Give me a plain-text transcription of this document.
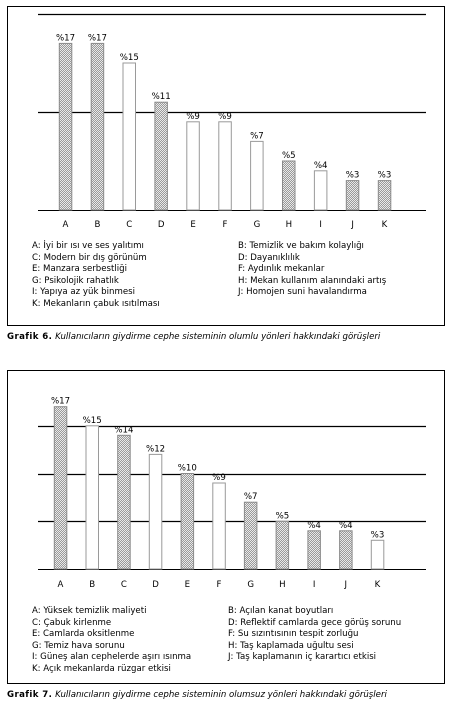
%17
A
%17
B
%15
C
%11
D
%9
E
%9
F
%7
G
%5
H
%4
I
%3
J
%3
K
A: İyi bir ısı ve ses yalıtımı	B: Temizlik ve bakım kolaylığı
C: Modern bir dış görünüm	D: Dayanıklılık
E: Manzara serbestliği	F: Aydınlık mekanlar
G: Psikolojik rahatlık	H: Mekan kullanım alanındaki artış
I: Yapıya az yük binmesi	J: Homojen suni havalandırma
K: Mekanların çabuk ısıtılması
Grafik 6. Kullanıcıların giydirme cephe sisteminin olumlu yönleri hakkındaki görüşleri
%17
A
%15
B
%14
C
%12
D
%10
E
%9
F
%7
G
%5
H
%4
I
%4
J
%3
K
A: Yüksek temizlik maliyeti	B: Açılan kanat boyutları
C: Çabuk kirlenme	D: Reflektif camlarda gece görüş sorunu
E: Camlarda oksitlenme	F: Su sızıntısının tespit zorluğu
G: Temiz hava sorunu	H: Taş kaplamada uğultu sesi
I: Güneş alan cephelerde aşırı ısınma	J: Taş kaplamanın iç karartıcı etkisi
K: Açık mekanlarda rüzgar etkisi
Grafik 7. Kullanıcıların giydirme cephe sisteminin olumsuz yönleri hakkındaki görüşleri
